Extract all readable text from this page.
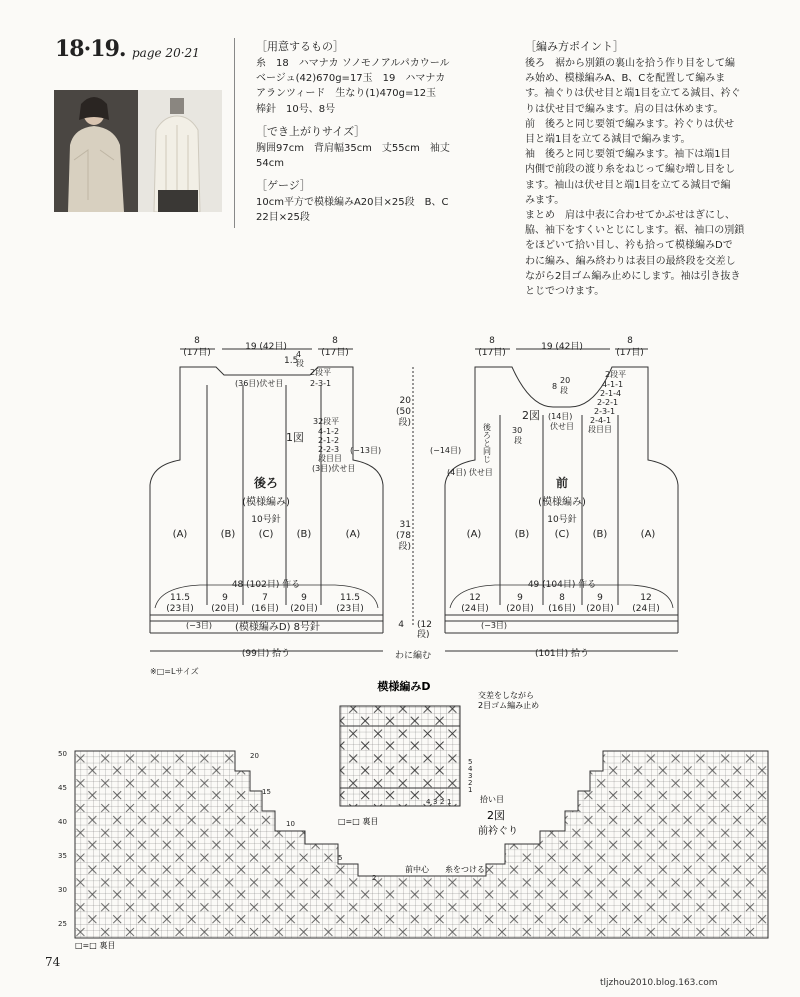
18·19. page 20·21	［用意するもの］
糸　18　ハマナカ ソノモノアルパカウール
ベージュ(42)670g=17玉　19　ハマナカ
アランツィード　生なり(1)470g=12玉
棒針　10号、8号
［でき上がりサイズ］
胸囲97cm　背肩幅35cm　丈55cm　袖丈
54cm
［ゲージ］
10cm平方で模様編みA20目×25段　B、C
22目×25段
［編み方ポイント］
後ろ　裾から別鎖の裏山を拾う作り目をして編
み始め、模様編みA、B、Cを配置して編みま
す。袖ぐりは伏せ目と端1目を立てる減目、衿ぐ
りは伏せ目で編みます。肩の目は休めます。
前　後ろと同じ要領で編みます。衿ぐりは伏せ
目と端1目を立てる減目で編みます。
袖　後ろと同じ要領で編みます。袖下は端1目
内側で前段の渡り糸をねじって編む増し目をし
ます。袖山は伏せ目と端1目を立てる減目で編
みます。
まとめ　肩は中表に合わせてかぶせはぎにし、
脇、袖下をすくいとじにします。裾、袖口の別鎖
をほどいて拾い目し、衿も拾って模様編みDで
わに編み、編み終わりは表目の最終段を交差し
ながら2目ゴム編み止めにします。袖は引き抜き
とじでつけます。
8
(17目)
19 (42目)
8
(17目)
1.5
4
段
2段平
(36目)伏せ目	2-3-1
32段平
4-1-2
2-1-2
2-2-3
段目目
(3目)伏せ目
(−13目)
1図
後ろ
(模様編み)
10号針
(A)	(B) (C) (B)	(A)
48 (102目) 作る
11.5
(23目)
9
(20目)
7
(16目)
9
(20目)
11.5
(23目)
(−3目) (模様編みD) 8号針
(99目) 拾う
20
(50
段)
31
(78
段)
4 (12
段)
わに編む
8
(17目)
19 (42目)
8
(17目)
8
20
段
2段平
4-1-1
2-1-4
2-2-1
2-3-1
2-4-1
段目目
(14目)
伏せ目
2図
30
段
後ろと同じ
(−14目)
(4目) 伏せ目
前
(模様編み)
10号針
(A)	(B)	(C) (B)	(A)
49 (104目) 作る
12
(24目)
9
(20目)
8
(16目)
9
(20目)
12
(24目)
(−3目)
(101目) 拾う
※□=Lサイズ
模様編みD
交差をしながら
2目ゴム編み止め
5
4
3
2
1
4 3 2 1	拾い目
□=□ 裏目
50
45
40
35
30
25
20
15
10
5
2
2図
前衿ぐり
前中心 糸をつける
□=□ 裏目
74
tljzhou2010.blog.163.com
